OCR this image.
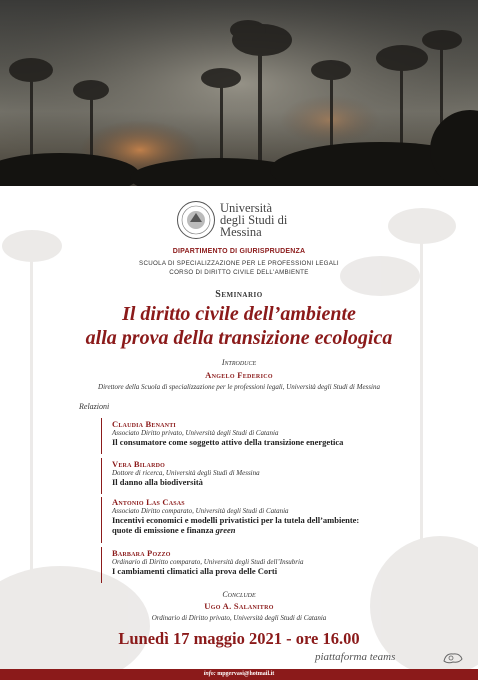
Università
degli Studi di
Messina
DIPARTIMENTO DI GIURISPRUDENZA
SCUOLA DI SPECIALIZZAZIONE PER LE PROFESSIONI LEGALI
CORSO DI DIRITTO CIVILE DELL'AMBIENTE
Seminario
Il diritto civile dell’ambiente
alla prova della transizione ecologica
Introduce
Angelo Federico
Direttore della Scuola di specializzazione per le professioni legali, Università degli Studi di Messina
Relazioni
Claudia Benanti
Associato Diritto privato, Università degli Studi di Catania
Il consumatore come soggetto attivo della transizione energetica
Vera Bilardo
Dottore di ricerca, Università degli Studi di Messina
Il danno alla biodiversità
Antonio Las Casas
Associato Diritto comparato, Università degli Studi di Catania
Incentivi economici e modelli privatistici per la tutela dell’ambiente:
quote di emissione e finanza green
Barbara Pozzo
Ordinario di Diritto comparato, Università degli Studi dell’Insubria
I cambiamenti climatici alla prova delle Corti
Conclude
Ugo A. Salanitro
Ordinario di Diritto privato, Università degli Studi di Catania
Lunedì 17 maggio 2021 - ore 16.00
piattaforma teams
info: mpgervasi@hotmail.it
